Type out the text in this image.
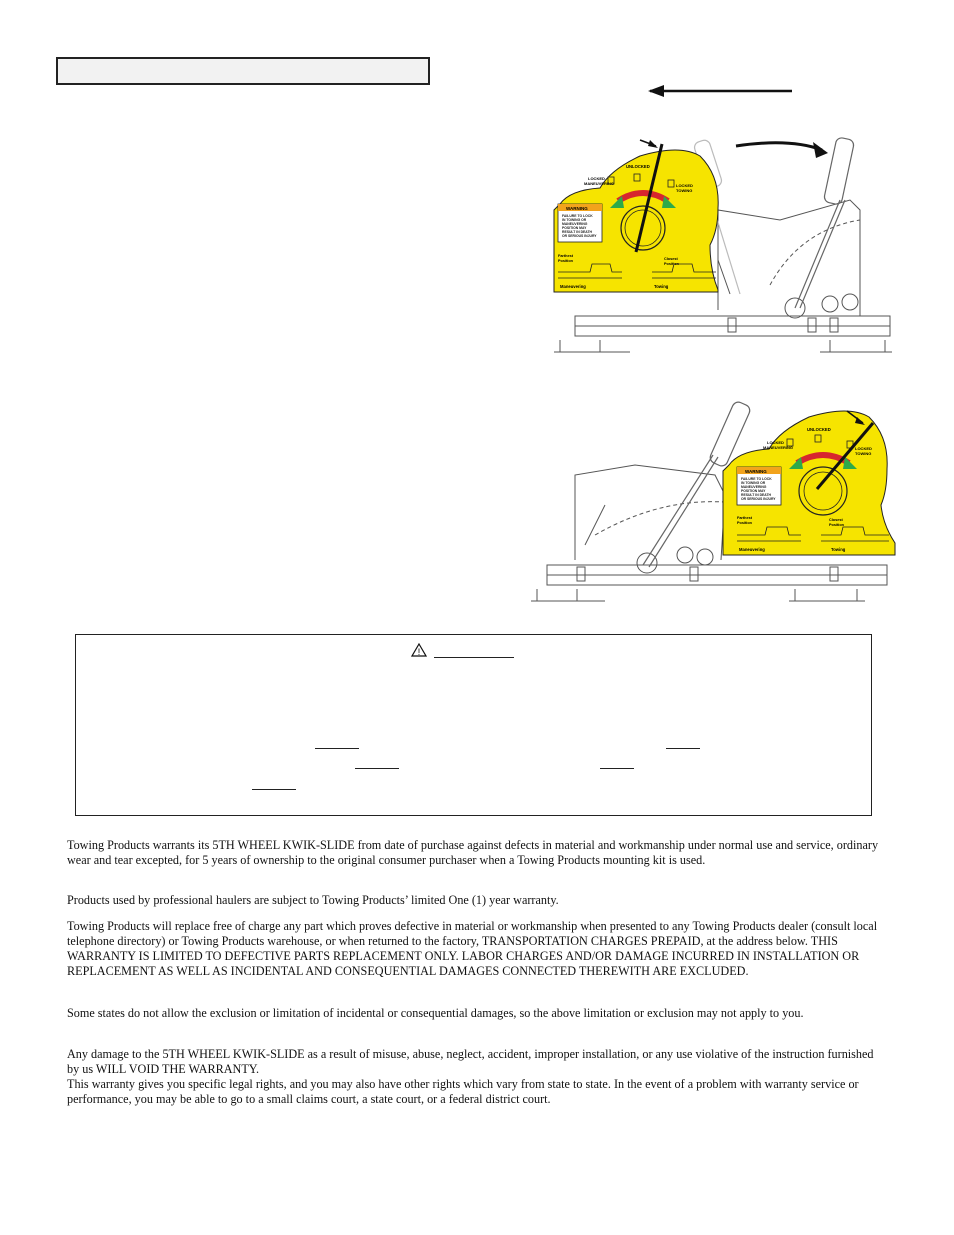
WARNING
FAILURE TO LOCK
IN TOWING OR
MANEUVERING
POSITION MAY
RESULT IN DEATH
OR SERIOUS INJURY
UNLOCKED
LOCKED
MANEUVERING	LOCKED
TOWING
Farthest
Position	Closest
Position
Maneuvering	Towing
WARNING
FAILURE TO LOCK
IN TOWING OR
MANEUVERING
POSITION MAY
RESULT IN DEATH
OR SERIOUS INJURY
UNLOCKED
LOCKED
MANEUVERING	LOCKED
TOWING
Farthest
Position
Closest
Position
Maneuvering	Towing
!

Towing Products warrants its 5TH WHEEL KWIK-SLIDE from date of purchase against defects in material and workmanship under normal use and service, ordinary wear and tear excepted, for 5 years of ownership to the original consumer purchaser when a Towing Products mounting kit is used.

Products used by professional haulers are subject to Towing Products’ limited One (1) year warranty.

Towing Products will replace free of charge any part which proves defective in material or workmanship when presented to any Towing Products dealer (consult local telephone directory) or Towing Products warehouse, or when returned to the factory, TRANSPORTATION CHARGES PREPAID, at the address below. THIS WARRANTY IS LIMITED TO DEFECTIVE PARTS REPLACEMENT ONLY. LABOR CHARGES AND/OR DAMAGE INCURRED IN INSTALLATION OR REPLACEMENT AS WELL AS INCIDENTAL AND CONSEQUENTIAL DAMAGES CONNECTED THEREWITH ARE EXCLUDED.

Some states do not allow the exclusion or limitation of incidental or consequential damages, so the above limitation or exclusion may not apply to you.

Any damage to the 5TH WHEEL KWIK-SLIDE as a result of misuse, abuse, neglect, accident, improper installation, or any use violative of the instruction furnished by us WILL VOID THE WARRANTY.

This warranty gives you specific legal rights, and you may also have other rights which vary from state to state. In the event of a problem with warranty service or performance, you may be able to go to a small claims court, a state court, or a federal district court.
